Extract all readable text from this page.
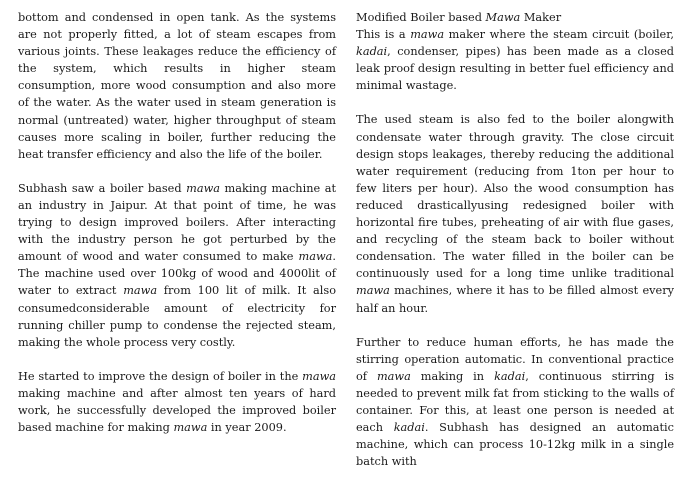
bottom and condensed in open tank. As the systems are not properly fitted, a lot of steam escapes from various joints. These leakages reduce the efficiency of the system, which results in higher steam consumption, more wood consumption and also more of the water. As the water used in steam generation is normal (untreated) water, higher throughput of steam causes more scaling in boiler, further reducing the heat transfer efficiency and also the life of the boiler.

Subhash saw a boiler based mawa making machine at an industry in Jaipur. At that point of time, he was trying to design improved boilers. After interacting with the industry person he got perturbed by the amount of wood and water consumed to make mawa. The machine used over 100kg of wood and 4000lit of water to extract mawa from 100 lit of milk. It also consumedconsiderable amount of electricity for running chiller pump to condense the rejected steam, making the whole process very costly.

He started to improve the design of boiler in the mawa making machine and after almost ten years of hard work, he successfully developed the improved boiler based machine for making mawa in year 2009.

Modified Boiler based Mawa Maker

This is a mawa maker where the steam circuit (boiler, kadai, condenser, pipes) has been made as a closed leak proof design resulting in better fuel efficiency and minimal wastage.

The used steam is also fed to the boiler alongwith condensate water through gravity. The close circuit design stops leakages, thereby reducing the additional water requirement (reducing from 1ton per hour to few liters per hour). Also the wood consumption has reduced drasticallyusing redesigned boiler with horizontal fire tubes, preheating of air with flue gases, and recycling of the steam back to boiler without condensation. The water filled in the boiler can be continuously used for a long time unlike traditional mawa machines, where it has to be filled almost every half an hour.

Further to reduce human efforts, he has made the stirring operation automatic. In conventional practice of mawa making in kadai, continuous stirring is needed to prevent milk fat from sticking to the walls of container. For this, at least one person is needed at each kadai. Subhash has designed an automatic machine, which can process 10-12kg milk in a single batch with
